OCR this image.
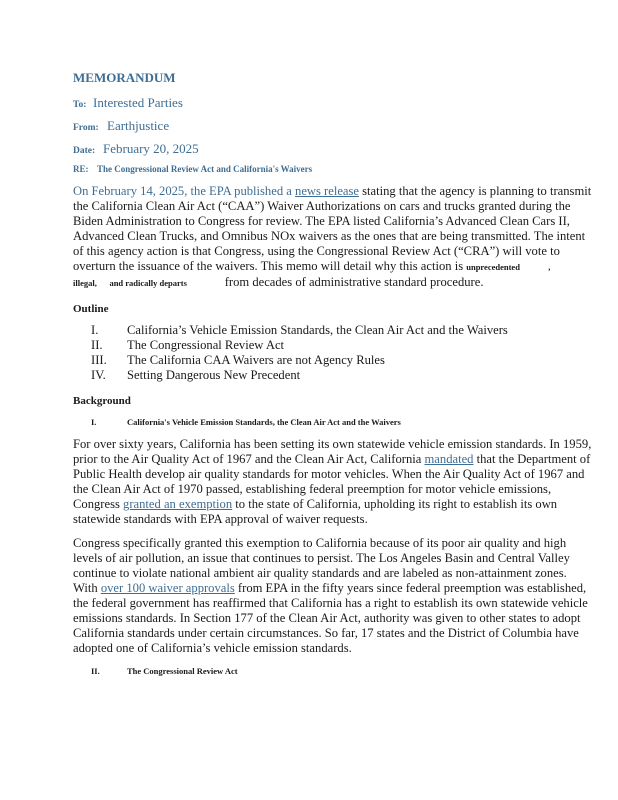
MEMORANDUM
To: Interested Parties
From: Earthjustice
Date: February 20, 2025
RE: The Congressional Review Act and California's Waivers

On February 14, 2025, the EPA published a news release stating that the agency is planning to transmit the California Clean Air Act (“CAA”) Waiver Authorizations on cars and trucks granted during the Biden Administration to Congress for review. The EPA listed California’s Advanced Clean Cars II, Advanced Clean Trucks, and Omnibus NOx waivers as the ones that are being transmitted. The intent of this agency action is that Congress, using the Congressional Review Act (“CRA”) will vote to overturn the issuance of the waivers. This memo will detail why this action is unprecedented	, illegal, and radically departs	from decades of administrative standard procedure.

Outline
I.	California’s Vehicle Emission Standards, the Clean Air Act and the Waivers
II.	The Congressional Review Act
III.	The California CAA Waivers are not Agency Rules
IV.	Setting Dangerous New Precedent
Background
I.	California's Vehicle Emission Standards, the Clean Air Act and the Waivers

For over sixty years, California has been setting its own statewide vehicle emission standards. In 1959, prior to the Air Quality Act of 1967 and the Clean Air Act, California mandated that the Department of Public Health develop air quality standards for motor vehicles. When the Air Quality Act of 1967 and the Clean Air Act of 1970 passed, establishing federal preemption for motor vehicle emissions, Congress granted an exemption to the state of California, upholding its right to establish its own statewide standards with EPA approval of waiver requests.

Congress specifically granted this exemption to California because of its poor air quality and high levels of air pollution, an issue that continues to persist. The Los Angeles Basin and Central Valley continue to violate national ambient air quality standards and are labeled as non-attainment zones. With over 100 waiver approvals from EPA in the fifty years since federal preemption was established, the federal government has reaffirmed that California has a right to establish its own statewide vehicle emissions standards. In Section 177 of the Clean Air Act, authority was given to other states to adopt California standards under certain circumstances. So far, 17 states and the District of Columbia have adopted one of California’s vehicle emission standards.

II.	The Congressional Review Act
